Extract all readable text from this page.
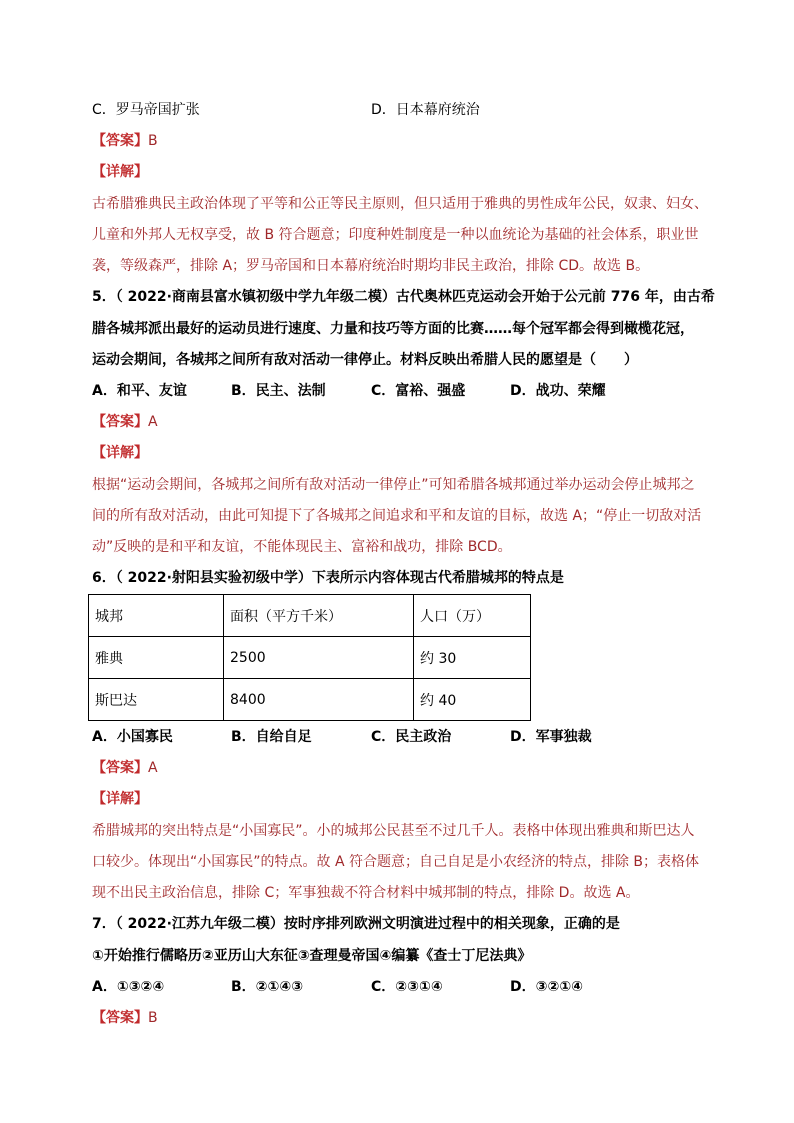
C．罗马帝国扩张	D．日本幕府统治
【答案】B
【详解】
古希腊雅典民主政治体现了平等和公正等民主原则，但只适用于雅典的男性成年公民，奴隶、妇女、
儿童和外邦人无权享受，故 B 符合题意；印度种姓制度是一种以血统论为基础的社会体系，职业世
袭，等级森严，排除 A；罗马帝国和日本幕府统治时期均非民主政治，排除 CD。故选 B。
5．（ 2022·商南县富水镇初级中学九年级二模）古代奥林匹克运动会开始于公元前 776 年，由古希
腊各城邦派出最好的运动员进行速度、力量和技巧等方面的比赛……每个冠军都会得到橄榄花冠，
运动会期间，各城邦之间所有敌对活动一律停止。材料反映出希腊人民的愿望是（　　）
A．和平、友谊	B．民主、法制	C．富裕、强盛	D．战功、荣耀
【答案】A
【详解】
根据“运动会期间，各城邦之间所有敌对活动一律停止”可知希腊各城邦通过举办运动会停止城邦之
间的所有敌对活动，由此可知提下了各城邦之间追求和平和友谊的目标，故选 A；“停止一切敌对活
动”反映的是和平和友谊，不能体现民主、富裕和战功，排除 BCD。
6．（ 2022·射阳县实验初级中学）下表所示内容体现古代希腊城邦的特点是
城邦	面积（平方千米）	人口（万）
雅典	2500	约 30
斯巴达	8400	约 40
A．小国寡民	B．自给自足	C．民主政治	D．军事独裁
【答案】A
【详解】
希腊城邦的突出特点是“小国寡民”。小的城邦公民甚至不过几千人。表格中体现出雅典和斯巴达人
口较少。体现出“小国寡民”的特点。故 A 符合题意；自己自足是小农经济的特点，排除 B；表格体
现不出民主政治信息，排除 C；军事独裁不符合材料中城邦制的特点，排除 D。故选 A。
7．（ 2022·江苏九年级二模）按时序排列欧洲文明演进过程中的相关现象，正确的是
①开始推行儒略历②亚历山大东征③查理曼帝国④编纂《查士丁尼法典》
A．①③②④	B．②①④③	C．②③①④	D．③②①④
【答案】B
